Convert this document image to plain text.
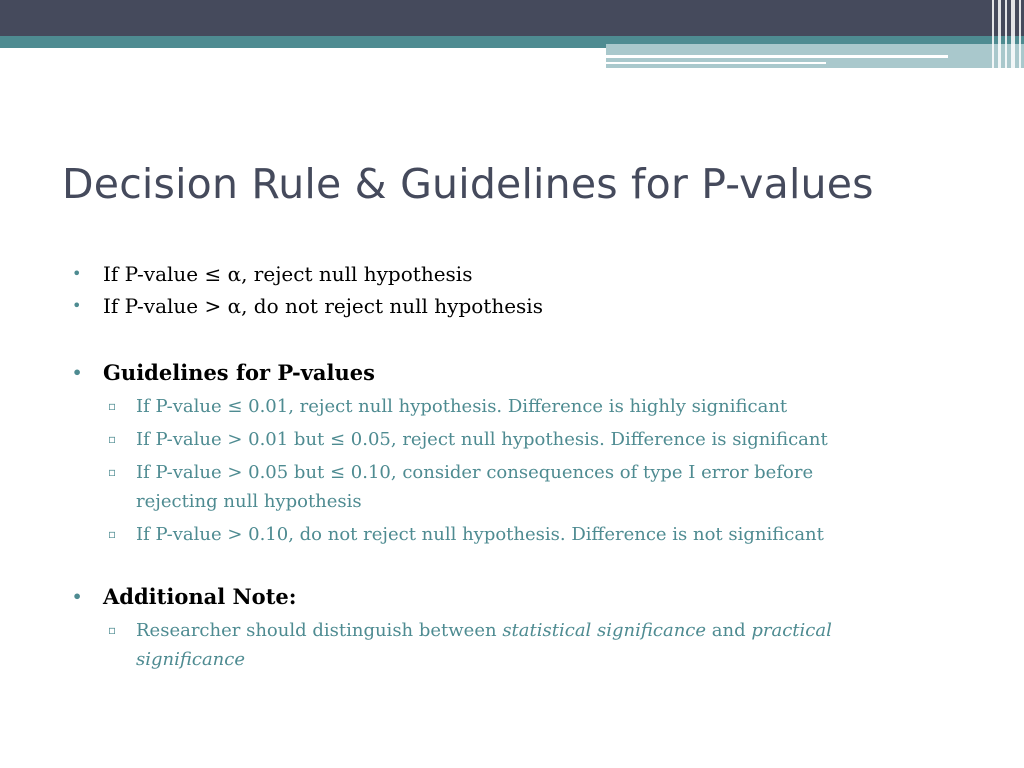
Decision Rule & Guidelines for P-values

• If P-value ≤ α, reject null hypothesis

• If P-value > α, do not reject null hypothesis

• Guidelines for P-values

▫ If P-value ≤ 0.01, reject null hypothesis. Difference is highly significant

▫ If P-value > 0.01 but ≤ 0.05, reject null hypothesis. Difference is significant

▫ If P-value > 0.05 but ≤ 0.10, consider consequences of type I error before
rejecting null hypothesis

▫ If P-value > 0.10, do not reject null hypothesis. Difference is not significant

• Additional Note:

▫ Researcher should distinguish between statistical significance and practical
significance
